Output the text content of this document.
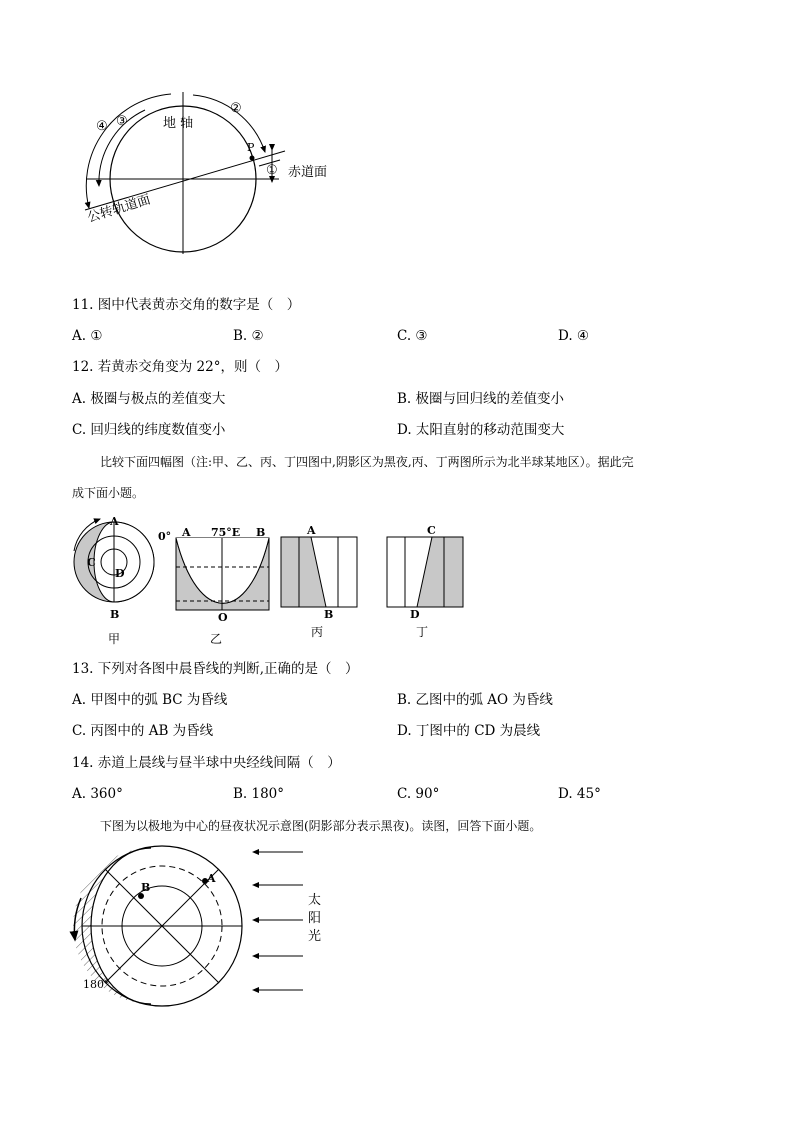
地 轴
P
① 赤道面
②
③
④
公转轨道面
11. 图中代表黄赤交角的数字是（　）
A. ①	B. ②	C. ③	D. ④
12. 若黄赤交角变为 22°，则（　）
A. 极圈与极点的差值变大	B. 极圈与回归线的差值变小
C. 回归线的纬度数值变小	D. 太阳直射的移动范围变大
比较下面四幅图（注:甲、乙、丙、丁四图中,阴影区为黑夜,丙、丁两图所示为北半球某地区）。据此完
成下面小题。
A
C
D
B
甲
0° A 75°E B
O
乙
A
B
丙
C
D
丁
13. 下列对各图中晨昏线的判断,正确的是（　）
A. 甲图中的弧 BC 为昏线	B. 乙图中的弧 AO 为昏线
C. 丙图中的 AB 为昏线	D. 丁图中的 CD 为晨线
14. 赤道上晨线与昼半球中央经线间隔（　）
A. 360°	B. 180°	C. 90°	D. 45°
下图为以极地为中心的昼夜状况示意图(阴影部分表示黑夜)。读图，回答下面小题。
A
B
180°
太
阳
光
